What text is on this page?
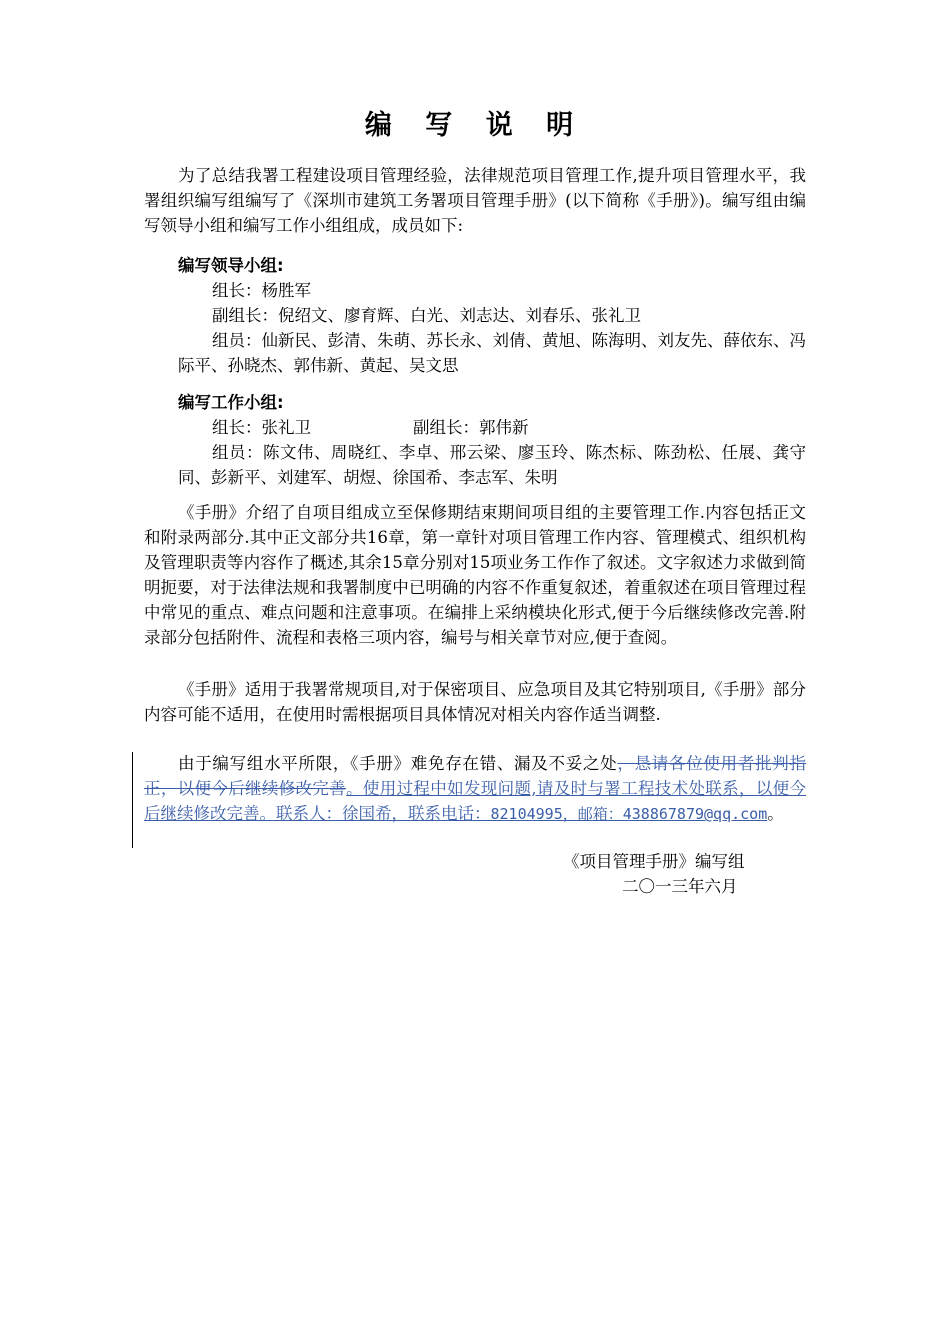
编 写 说 明
为了总结我署工程建设项目管理经验，法律规范项目管理工作,提升项目管理水平，我署组织编写组编写了《深圳市建筑工务署项目管理手册》(以下简称《手册》)。编写组由编写领导小组和编写工作小组组成，成员如下:
编写领导小组:
组长：杨胜军
副组长：倪绍文、廖育辉、白光、刘志达、刘春乐、张礼卫
组员：仙新民、彭清、朱萌、苏长永、刘倩、黄旭、陈海明、刘友先、薛依东、冯际平、孙晓杰、郭伟新、黄起、吴文思
编写工作小组:
组长：张礼卫	副组长：郭伟新
组员：陈文伟、周晓红、李卓、邢云梁、廖玉玲、陈杰标、陈劲松、任展、龚守同、彭新平、刘建军、胡煜、徐国希、李志军、朱明
《手册》介绍了自项目组成立至保修期结束期间项目组的主要管理工作.内容包括正文和附录两部分.其中正文部分共16章，第一章针对项目管理工作内容、管理模式、组织机构及管理职责等内容作了概述,其余15章分别对15项业务工作作了叙述。文字叙述力求做到简明扼要，对于法律法规和我署制度中已明确的内容不作重复叙述，着重叙述在项目管理过程中常见的重点、难点问题和注意事项。在编排上采纳模块化形式,便于今后继续修改完善.附录部分包括附件、流程和表格三项内容，编号与相关章节对应,便于查阅。
《手册》适用于我署常规项目,对于保密项目、应急项目及其它特别项目,《手册》部分内容可能不适用，在使用时需根据项目具体情况对相关内容作适当调整.
由于编写组水平所限，《手册》难免存在错、漏及不妥之处，恳请各位使用者批判指正，以便今后继续修改完善。使用过程中如发现问题,请及时与署工程技术处联系，以便今后继续修改完善。联系人：徐国希，联系电话：82104995，邮箱：438867879@qq.com。
《项目管理手册》编写组
二〇一三年六月
